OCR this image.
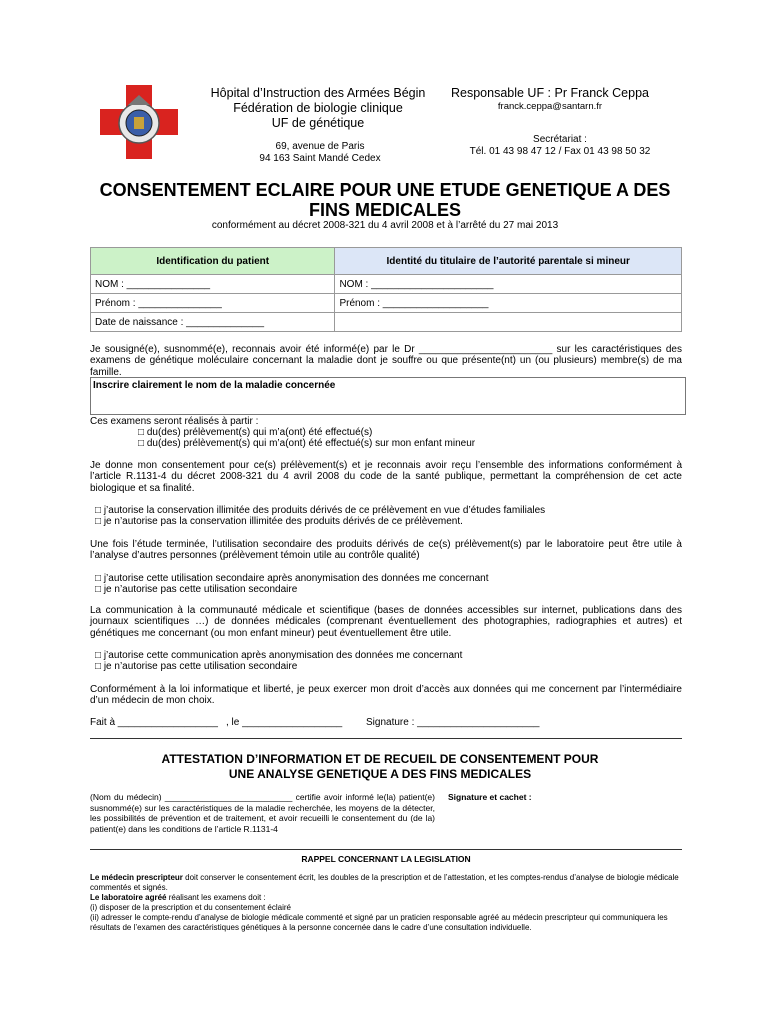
Hôpital d’Instruction des Armées Bégin
Fédération de biologie clinique
UF de génétique
69, avenue de Paris
94 163 Saint Mandé Cedex
Responsable UF : Pr Franck Ceppa
franck.ceppa@santarn.fr
Secrétariat :
Tél. 01 43 98 47 12 / Fax 01 43 98 50 32
CONSENTEMENT ECLAIRE POUR UNE ETUDE GENETIQUE A DES
FINS MEDICALES
conformément au décret 2008-321 du 4 avril 2008 et à l’arrêté du 27 mai 2013
Identification du patient	Identité du titulaire de l’autorité parentale si mineur
NOM : _______________	NOM : ______________________
Prénom : _______________	Prénom : ___________________
Date de naissance : ______________	
Je sousigné(e), susnommé(e), reconnais avoir été informé(e) par le Dr ________________________ sur les caractéristiques des examens de génétique moléculaire concernant la maladie dont je souffre ou que présente(nt) un (ou plusieurs) membre(s) de ma famille.
Inscrire clairement le nom de la maladie concernée
Ces examens seront réalisés à partir :
□ du(des) prélèvement(s) qui m’a(ont) été effectué(s)
□ du(des) prélèvement(s) qui m’a(ont) été effectué(s) sur mon enfant mineur
Je donne mon consentement pour ce(s) prélèvement(s) et je reconnais avoir reçu l’ensemble des informations conformément à l’article R.1131-4 du décret 2008-321 du 4 avril 2008 du code de la santé publique, permettant la compréhension de cet acte biologique et sa finalité.
□ j’autorise la conservation illimitée des produits dérivés de ce prélèvement en vue d’études familiales
□ je n’autorise pas la conservation illimitée des produits dérivés de ce prélèvement.
Une fois l’étude terminée, l’utilisation secondaire des produits dérivés de ce(s) prélèvement(s) par le laboratoire peut être utile à l’analyse d’autres personnes (prélèvement témoin utile au contrôle qualité)
□ j’autorise cette utilisation secondaire après anonymisation des données me concernant
□ je n’autorise pas cette utilisation secondaire
La communication à la communauté médicale et scientifique (bases de données accessibles sur internet, publications dans des journaux scientifiques …) de données médicales (comprenant éventuellement des photographies, radiographies et autres) et génétiques me concernant (ou mon enfant mineur) peut éventuellement être utile.
□ j’autorise cette communication après anonymisation des données me concernant
□ je n’autorise pas cette utilisation secondaire
Conformément à la loi informatique et liberté, je peux exercer mon droit d’accès aux données qui me concernent par l’intermédiaire d’un médecin de mon choix.
Fait à __________________ , le __________________ Signature : ______________________
ATTESTATION D’INFORMATION ET DE RECUEIL DE CONSENTEMENT POUR
UNE ANALYSE GENETIQUE A DES FINS MEDICALES
(Nom du médecin) ___________________________ certifie avoir informé le(la) patient(e) susnommé(e) sur les caractéristiques de la maladie recherchée, les moyens de la détecter, les possibilités de prévention et de traitement, et avoir recueilli le consentement du (de la) patient(e) dans les conditions de l’article R.1131-4
Signature et cachet :
RAPPEL CONCERNANT LA LEGISLATION
Le médecin prescripteur doit conserver le consentement écrit, les doubles de la prescription et de l’attestation, et les comptes-rendus d’analyse de biologie médicale commentés et signés.
Le laboratoire agréé réalisant les examens doit :
(i) disposer de la prescription et du consentement éclairé
(ii) adresser le compte-rendu d’analyse de biologie médicale commenté et signé par un praticien responsable agréé au médecin prescripteur qui communiquera les résultats de l’examen des caractéristiques génétiques à la personne concernée dans le cadre d’une consultation individuelle.
